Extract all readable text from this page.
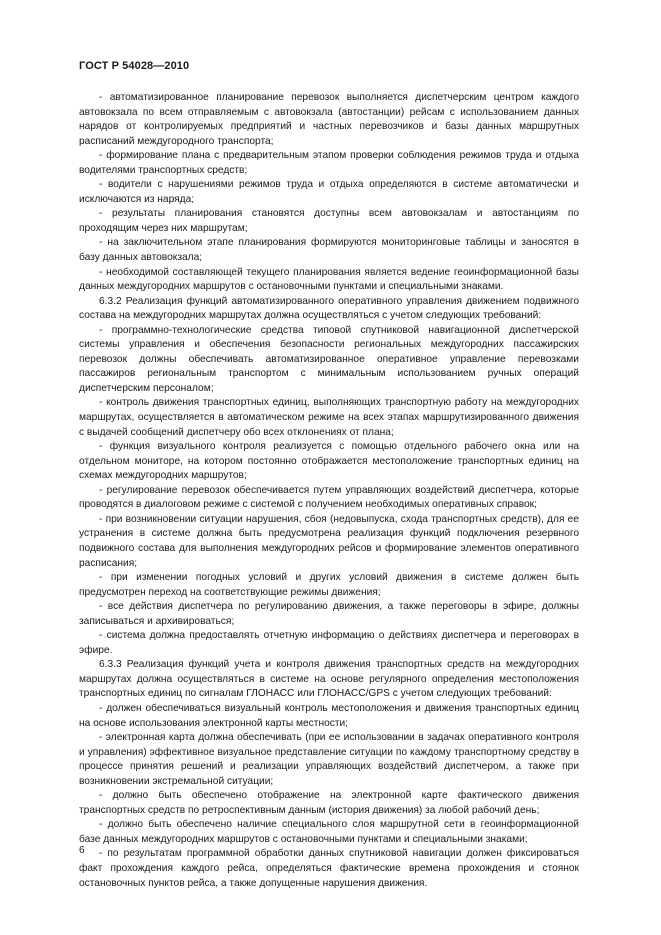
ГОСТ Р 54028—2010

- автоматизированное планирование перевозок выполняется диспетчерским центром каждого автовокзала по всем отправляемым с автовокзала (автостанции) рейсам с использованием данных нарядов от контролируемых предприятий и частных перевозчиков и базы данных маршрутных расписаний междугородного транспорта;

- формирование плана с предварительным этапом проверки соблюдения режимов труда и отдыха водителями транспортных средств;

- водители с нарушениями режимов труда и отдыха определяются в системе автоматически и исключаются из наряда;

- результаты планирования становятся доступны всем автовокзалам и автостанциям по проходящим через них маршрутам;

- на заключительном этапе планирования формируются мониторинговые таблицы и заносятся в базу данных автовокзала;

- необходимой составляющей текущего планирования является ведение геоинформационной базы данных междугородних маршрутов с остановочными пунктами и специальными знаками.

6.3.2 Реализация функций автоматизированного оперативного управления движением подвижного состава на междугородних маршрутах должна осуществляться с учетом следующих требований:

- программно-технологические средства типовой спутниковой навигационной диспетчерской системы управления и обеспечения безопасности региональных междугородних пассажирских перевозок должны обеспечивать автоматизированное оперативное управление перевозками пассажиров региональным транспортом с минимальным использованием ручных операций диспетчерским персоналом;

- контроль движения транспортных единиц, выполняющих транспортную работу на междугородних маршрутах, осуществляется в автоматическом режиме на всех этапах маршрутизированного движения с выдачей сообщений диспетчеру обо всех отклонениях от плана;

- функция визуального контроля реализуется с помощью отдельного рабочего окна или на отдельном мониторе, на котором постоянно отображается местоположение транспортных единиц на схемах междугородних маршрутов;

- регулирование перевозок обеспечивается путем управляющих воздействий диспетчера, которые проводятся в диалоговом режиме с системой с получением необходимых оперативных справок;

- при возникновении ситуации нарушения, сбоя (недовыпуска, схода транспортных средств), для ее устранения в системе должна быть предусмотрена реализация функций подключения резервного подвижного состава для выполнения междугородних рейсов и формирование элементов оперативного расписания;

- при изменении погодных условий и других условий движения в системе должен быть предусмотрен переход на соответствующие режимы движения;

- все действия диспетчера по регулированию движения, а также переговоры в эфире, должны записываться и архивироваться;

- система должна предоставлять отчетную информацию о действиях диспетчера и переговорах в эфире.

6.3.3 Реализация функций учета и контроля движения транспортных средств на междугородних маршрутах должна осуществляться в системе на основе регулярного определения местоположения транспортных единиц по сигналам ГЛОНАСС или ГЛОНАСС/GPS с учетом следующих требований:

- должен обеспечиваться визуальный контроль местоположения и движения транспортных единиц на основе использования электронной карты местности;

- электронная карта должна обеспечивать (при ее использовании в задачах оперативного контроля и управления) эффективное визуальное представление ситуации по каждому транспортному средству в процессе принятия решений и реализации управляющих воздействий диспетчером, а также при возникновении экстремальной ситуации;

- должно быть обеспечено отображение на электронной карте фактического движения транспортных средств по ретроспективным данным (история движения) за любой рабочий день;

- должно быть обеспечено наличие специального слоя маршрутной сети в геоинформационной базе данных междугородних маршрутов с остановочными пунктами и специальными знаками;

- по результатам программной обработки данных спутниковой навигации должен фиксироваться факт прохождения каждого рейса, определяться фактические времена прохождения и стоянок остановочных пунктов рейса, а также допущенные нарушения движения.

6
